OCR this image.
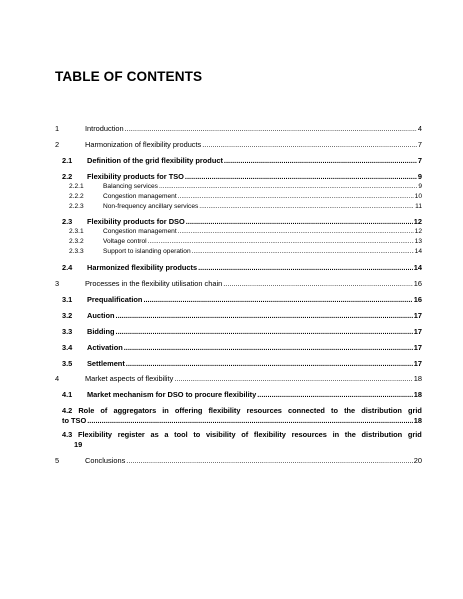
TABLE OF CONTENTS
1	Introduction .....	4
2	Harmonization of flexibility products .....	7
2.1	Definition of the grid flexibility product .....	7
2.2	Flexibility products for TSO .....	9
2.2.1	Balancing services .....	9
2.2.2	Congestion management .....	10
2.2.3	Non-frequency ancillary services .....	11
2.3	Flexibility products for DSO .....	12
2.3.1	Congestion management .....	12
2.3.2	Voltage control .....	13
2.3.3	Support to islanding operation .....	14
2.4	Harmonized flexibility products .....	14
3	Processes in the flexibility utilisation chain .....	16
3.1	Prequalification .....	16
3.2	Auction .....	17
3.3	Bidding .....	17
3.4	Activation .....	17
3.5	Settlement .....	17
4	Market aspects of flexibility .....	18
4.1	Market mechanism for DSO to procure flexibility .....	18
4.2 Role of aggregators in offering flexibility resources connected to the distribution grid
to TSO .....	18
4.3 Flexibility register as a tool to visibility of flexibility resources in the distribution grid
19
5	Conclusions .....	20
